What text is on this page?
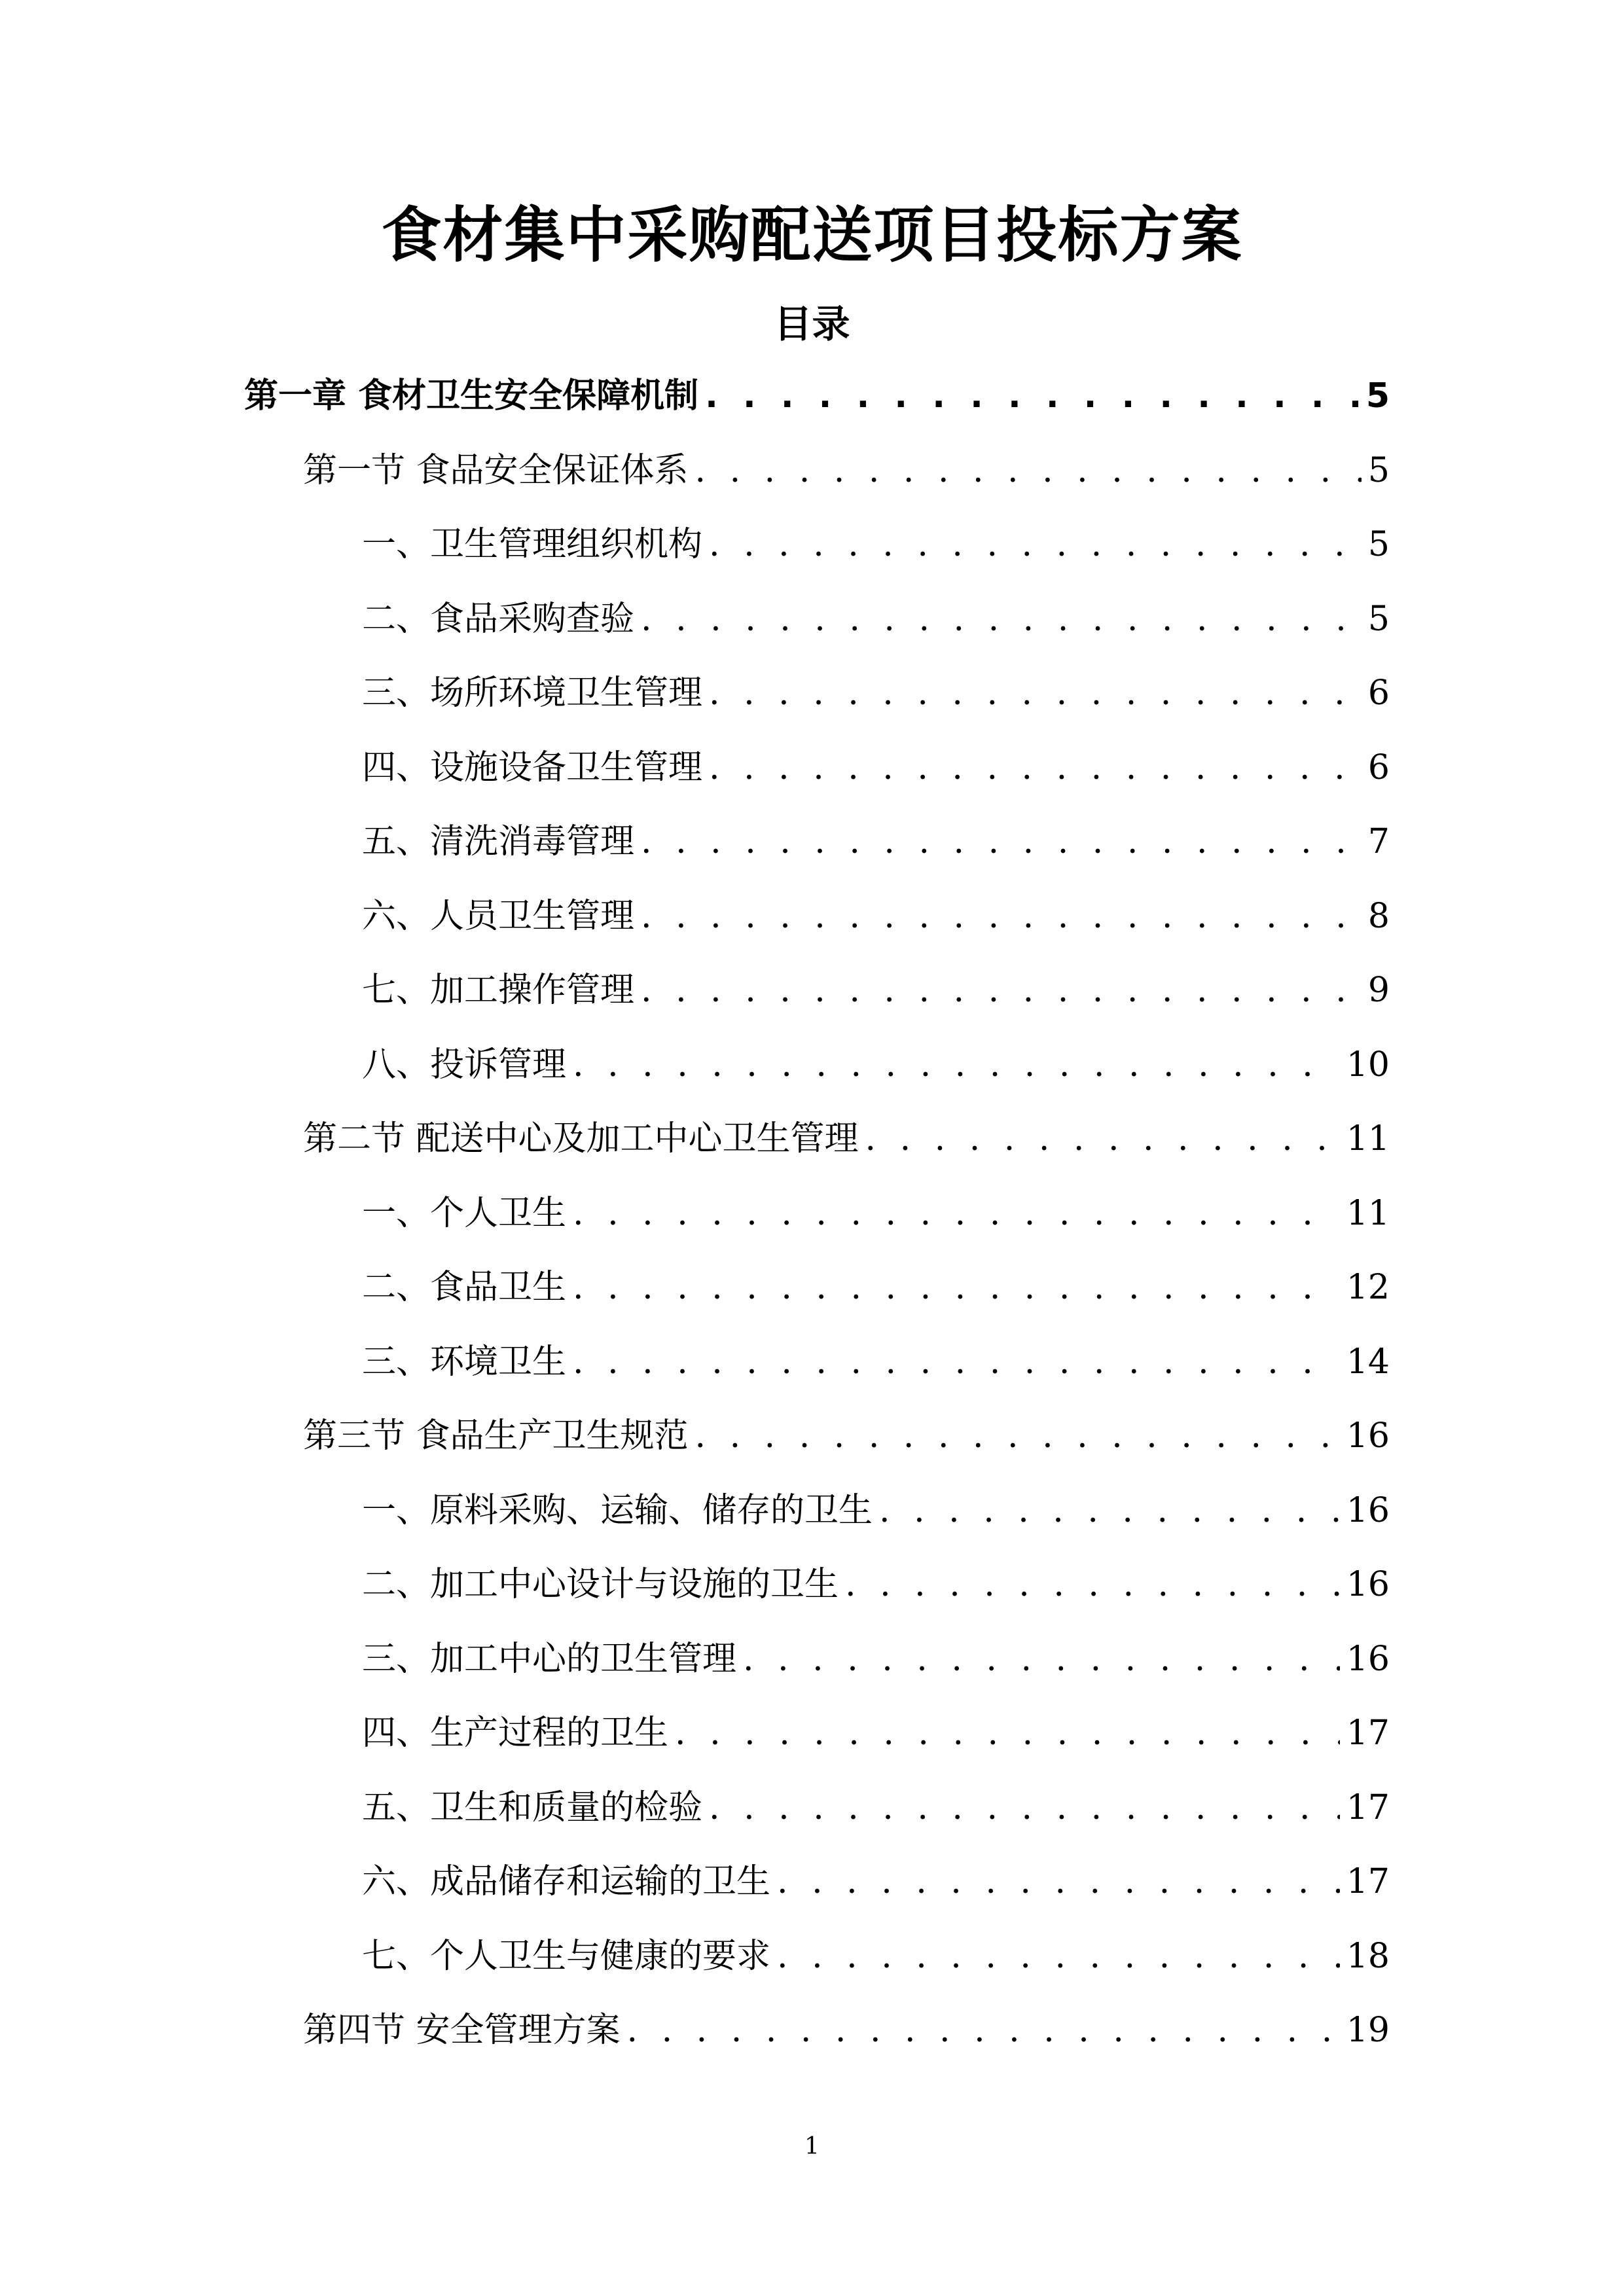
食材集中采购配送项目投标方案
目录
第一章 食材卫生安全保障机制 . . .	5
第一节 食品安全保证体系 . . .	5
一、卫生管理组织机构 . . .	5
二、食品采购查验 . . .	5
三、场所环境卫生管理 . . .	6
四、设施设备卫生管理 . . .	6
五、清洗消毒管理 . . .	7
六、人员卫生管理 . . .	8
七、加工操作管理 . . .	9
八、投诉管理 . . .	10
第二节 配送中心及加工中心卫生管理 . . .	11
一、个人卫生 . . .	11
二、食品卫生 . . .	12
三、环境卫生 . . .	14
第三节 食品生产卫生规范 . . .	16
一、原料采购、运输、储存的卫生 . . .	16
二、加工中心设计与设施的卫生 . . .	16
三、加工中心的卫生管理 . . .	16
四、生产过程的卫生 . . .	17
五、卫生和质量的检验 . . .	17
六、成品储存和运输的卫生 . . .	17
七、个人卫生与健康的要求 . . .	18
第四节 安全管理方案 . . .	19
1
